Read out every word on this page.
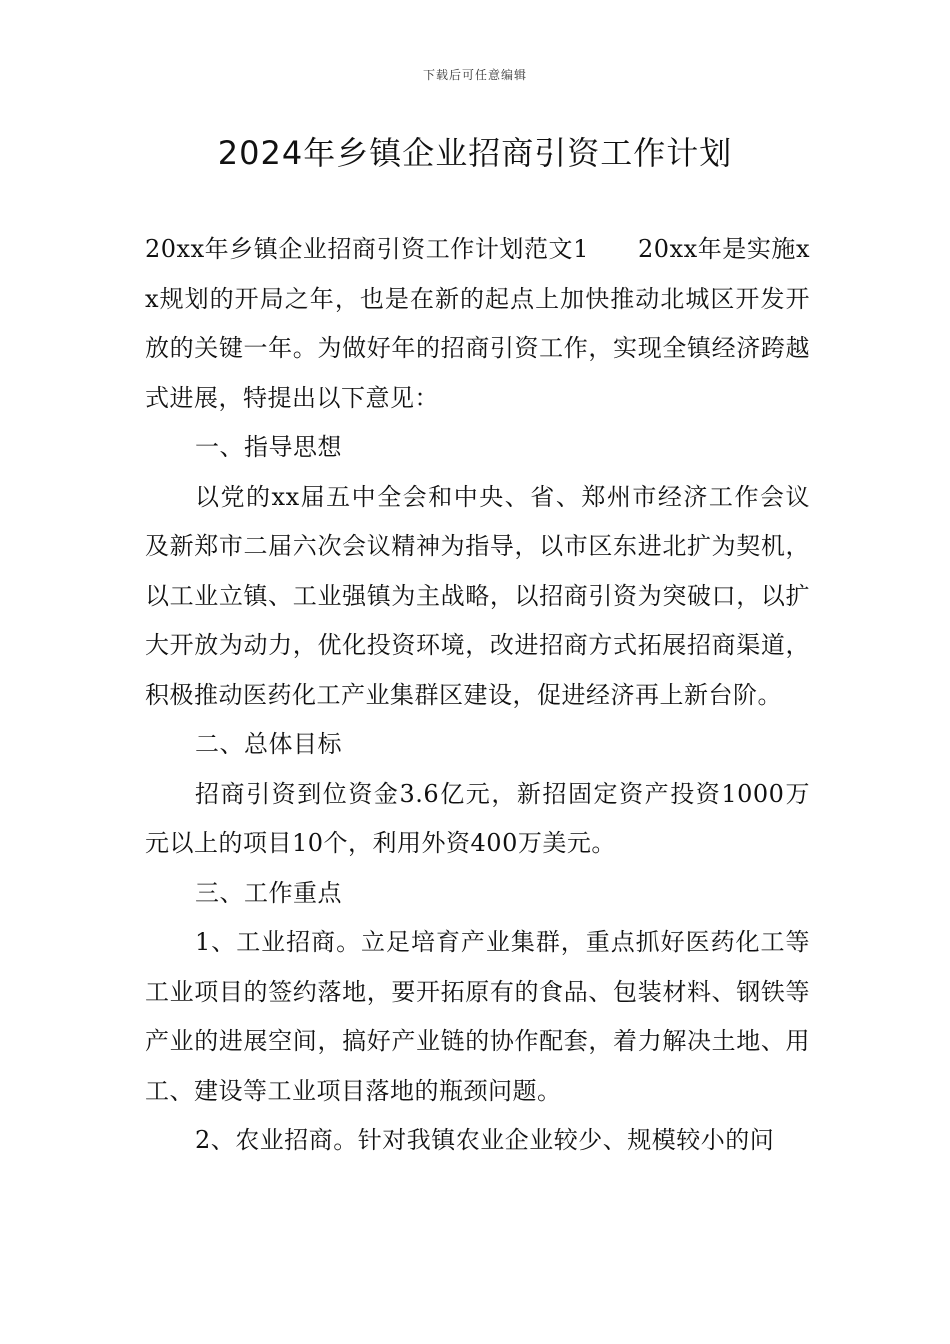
下载后可任意编辑
2024年乡镇企业招商引资工作计划

20xx年乡镇企业招商引资工作计划范文1　　20xx年是实施xx规划的开局之年，也是在新的起点上加快推动北城区开发开放的关键一年。为做好年的招商引资工作，实现全镇经济跨越式进展，特提出以下意见：

一、指导思想

以党的xx届五中全会和中央、省、郑州市经济工作会议及新郑市二届六次会议精神为指导，以市区东进北扩为契机，以工业立镇、工业强镇为主战略，以招商引资为突破口，以扩大开放为动力，优化投资环境，改进招商方式拓展招商渠道，积极推动医药化工产业集群区建设，促进经济再上新台阶。

二、总体目标

招商引资到位资金3.6亿元，新招固定资产投资1000万元以上的项目10个，利用外资400万美元。

三、工作重点

1、工业招商。立足培育产业集群，重点抓好医药化工等工业项目的签约落地，要开拓原有的食品、包装材料、钢铁等产业的进展空间，搞好产业链的协作配套，着力解决土地、用工、建设等工业项目落地的瓶颈问题。

2、农业招商。针对我镇农业企业较少、规模较小的问
